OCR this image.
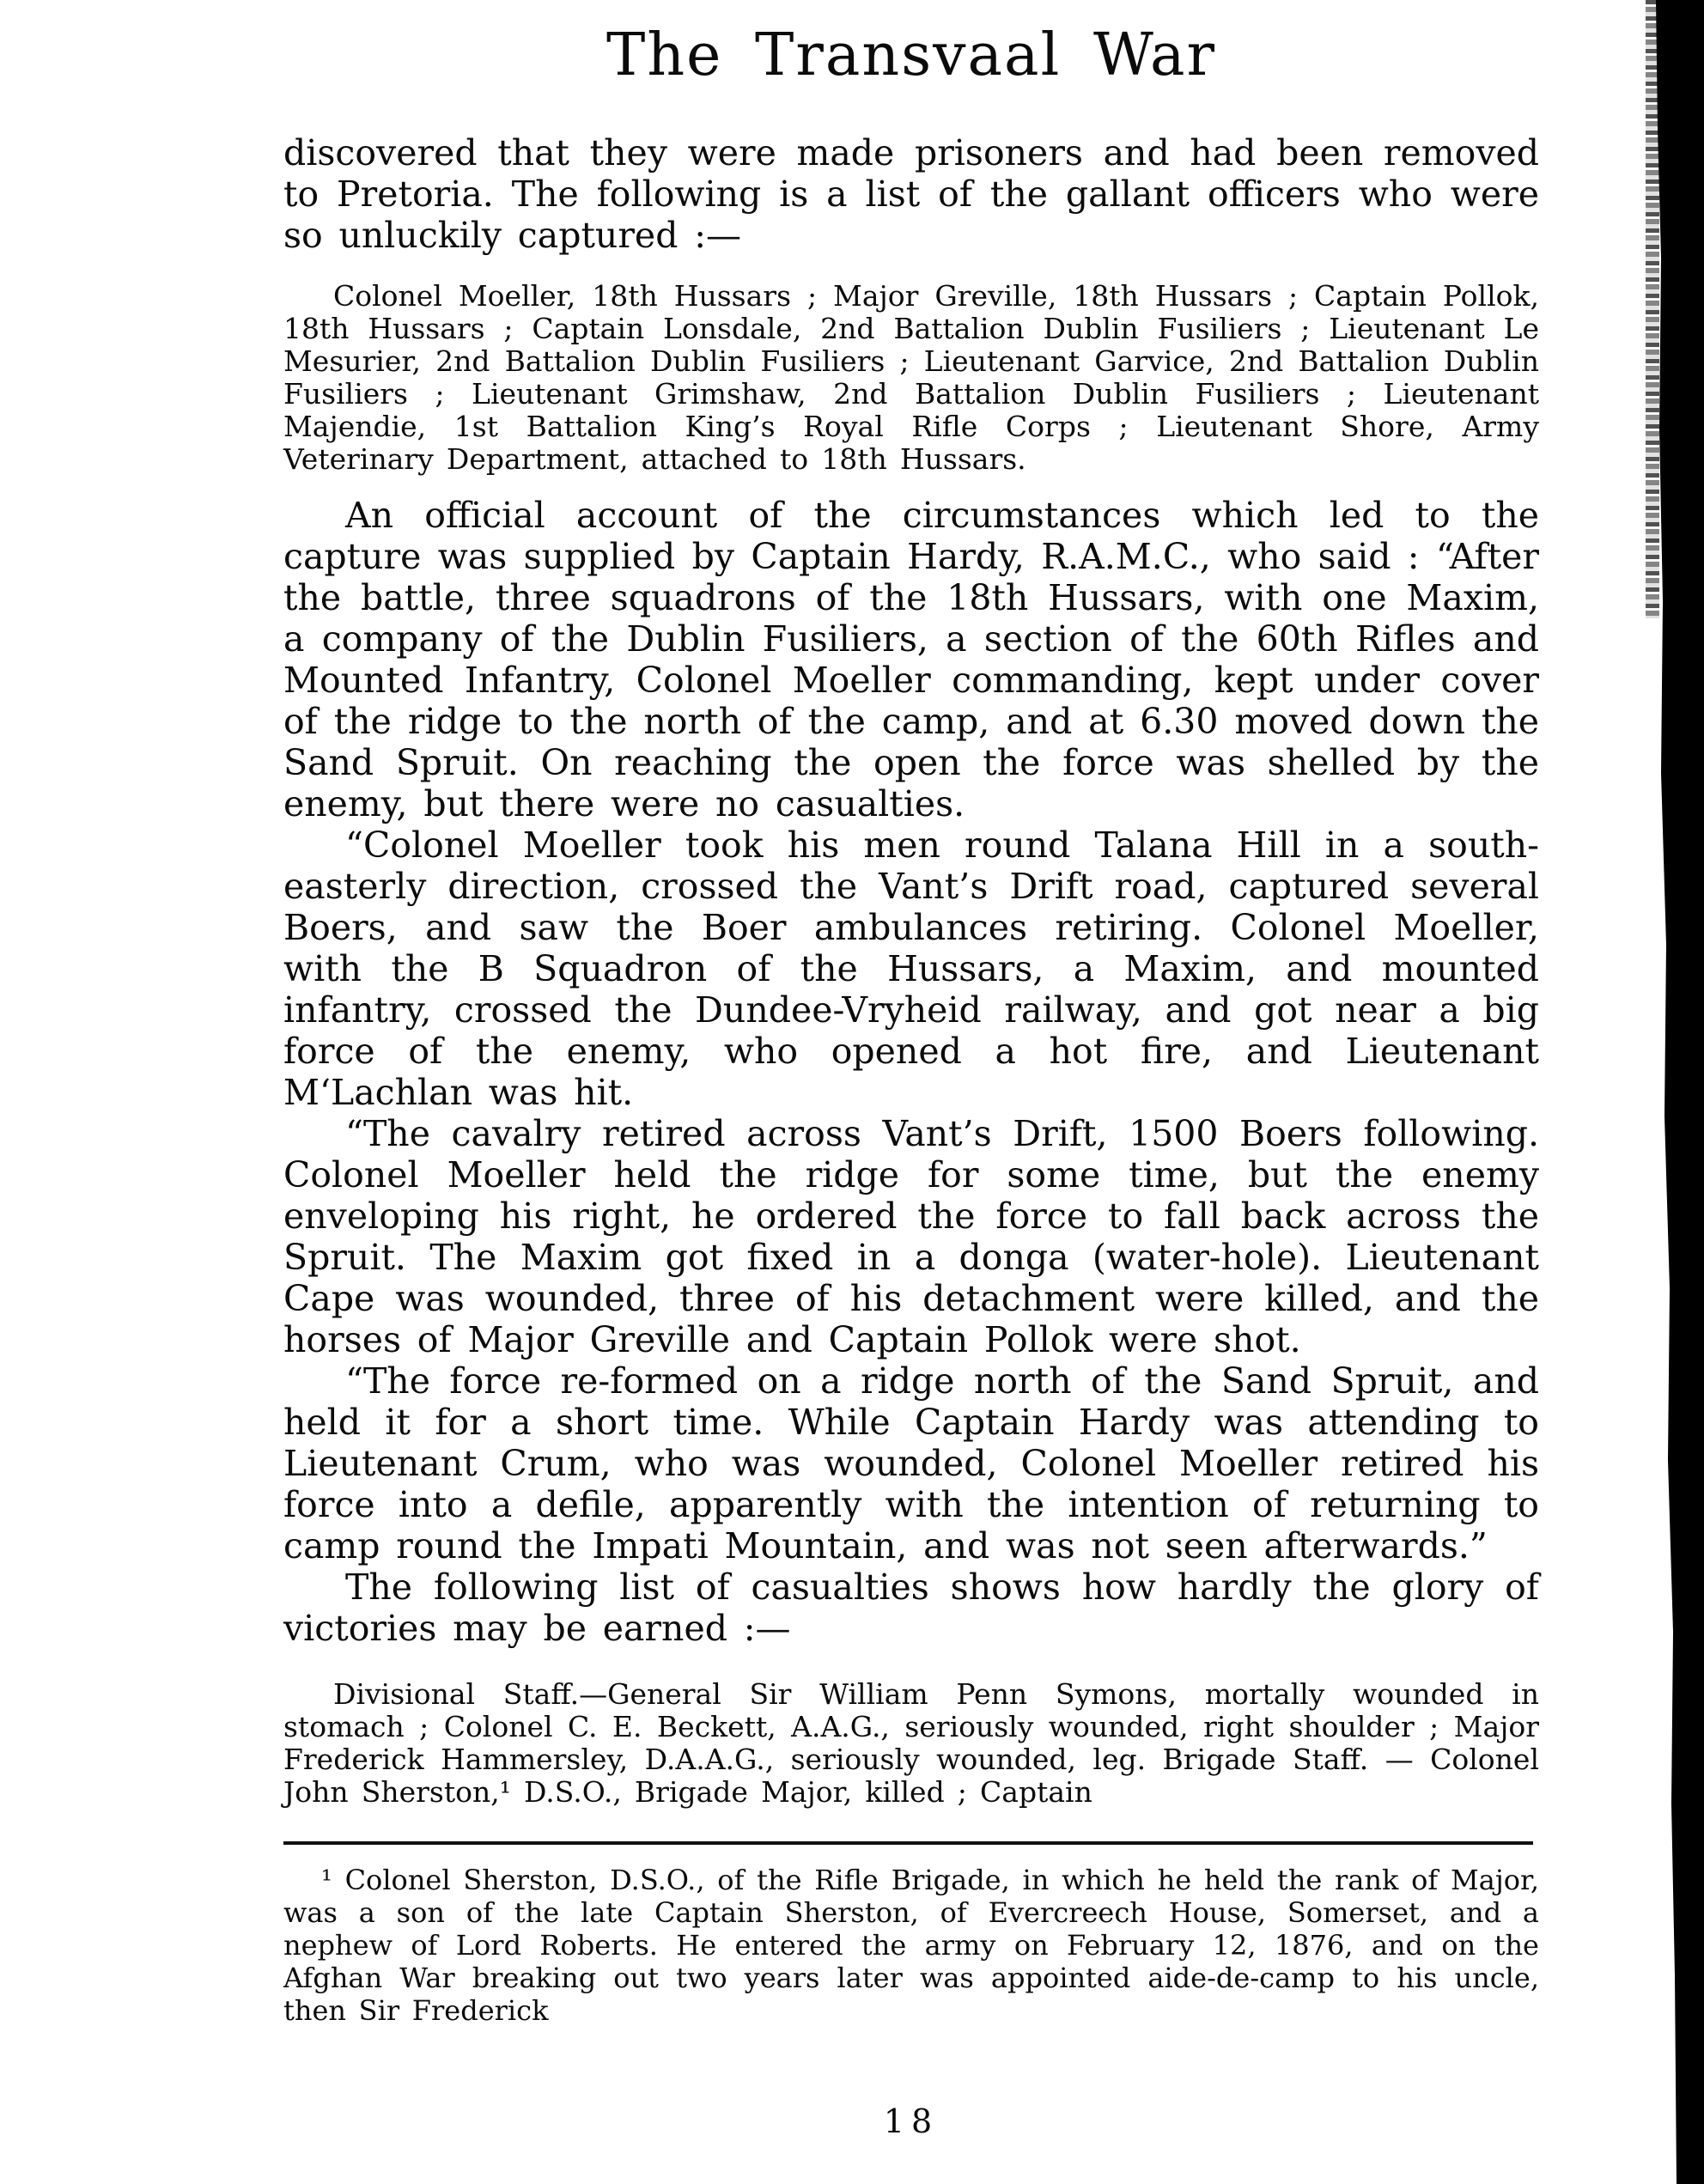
The Transvaal War

discovered that they were made prisoners and had been removed to Pretoria. The following is a list of the gallant officers who were so unluckily captured :—

Colonel Moeller, 18th Hussars ; Major Greville, 18th Hussars ; Captain Pollok, 18th Hussars ; Captain Lonsdale, 2nd Battalion Dublin Fusiliers ; Lieutenant Le Mesurier, 2nd Battalion Dublin Fusiliers ; Lieutenant Garvice, 2nd Battalion Dublin Fusiliers ; Lieutenant Grimshaw, 2nd Battalion Dublin Fusiliers ; Lieutenant Majendie, 1st Battalion King’s Royal Rifle Corps ; Lieutenant Shore, Army Veterinary Department, attached to 18th Hussars.

An official account of the circumstances which led to the capture was supplied by Captain Hardy, R.A.M.C., who said : “After the battle, three squadrons of the 18th Hussars, with one Maxim, a company of the Dublin Fusiliers, a section of the 60th Rifles and Mounted Infantry, Colonel Moeller commanding, kept under cover of the ridge to the north of the camp, and at 6.30 moved down the Sand Spruit. On reaching the open the force was shelled by the enemy, but there were no casualties.

“Colonel Moeller took his men round Talana Hill in a south-easterly direction, crossed the Vant’s Drift road, captured several Boers, and saw the Boer ambulances retiring. Colonel Moeller, with the B Squadron of the Hussars, a Maxim, and mounted infantry, crossed the Dundee-Vryheid railway, and got near a big force of the enemy, who opened a hot fire, and Lieutenant M‘Lachlan was hit.

“The cavalry retired across Vant’s Drift, 1500 Boers following. Colonel Moeller held the ridge for some time, but the enemy enveloping his right, he ordered the force to fall back across the Spruit. The Maxim got fixed in a donga (water-hole). Lieutenant Cape was wounded, three of his detachment were killed, and the horses of Major Greville and Captain Pollok were shot.

“The force re-formed on a ridge north of the Sand Spruit, and held it for a short time. While Captain Hardy was attending to Lieutenant Crum, who was wounded, Colonel Moeller retired his force into a defile, apparently with the intention of returning to camp round the Impati Mountain, and was not seen afterwards.”

The following list of casualties shows how hardly the glory of victories may be earned :—

Divisional Staff.—General Sir William Penn Symons, mortally wounded in stomach ; Colonel C. E. Beckett, A.A.G., seriously wounded, right shoulder ; Major Frederick Hammersley, D.A.A.G., seriously wounded, leg. Brigade Staff. — Colonel John Sherston,¹ D.S.O., Brigade Major, killed ; Captain

¹ Colonel Sherston, D.S.O., of the Rifle Brigade, in which he held the rank of Major, was a son of the late Captain Sherston, of Evercreech House, Somerset, and a nephew of Lord Roberts. He entered the army on February 12, 1876, and on the Afghan War breaking out two years later was appointed aide-de-camp to his uncle, then Sir Frederick

18
